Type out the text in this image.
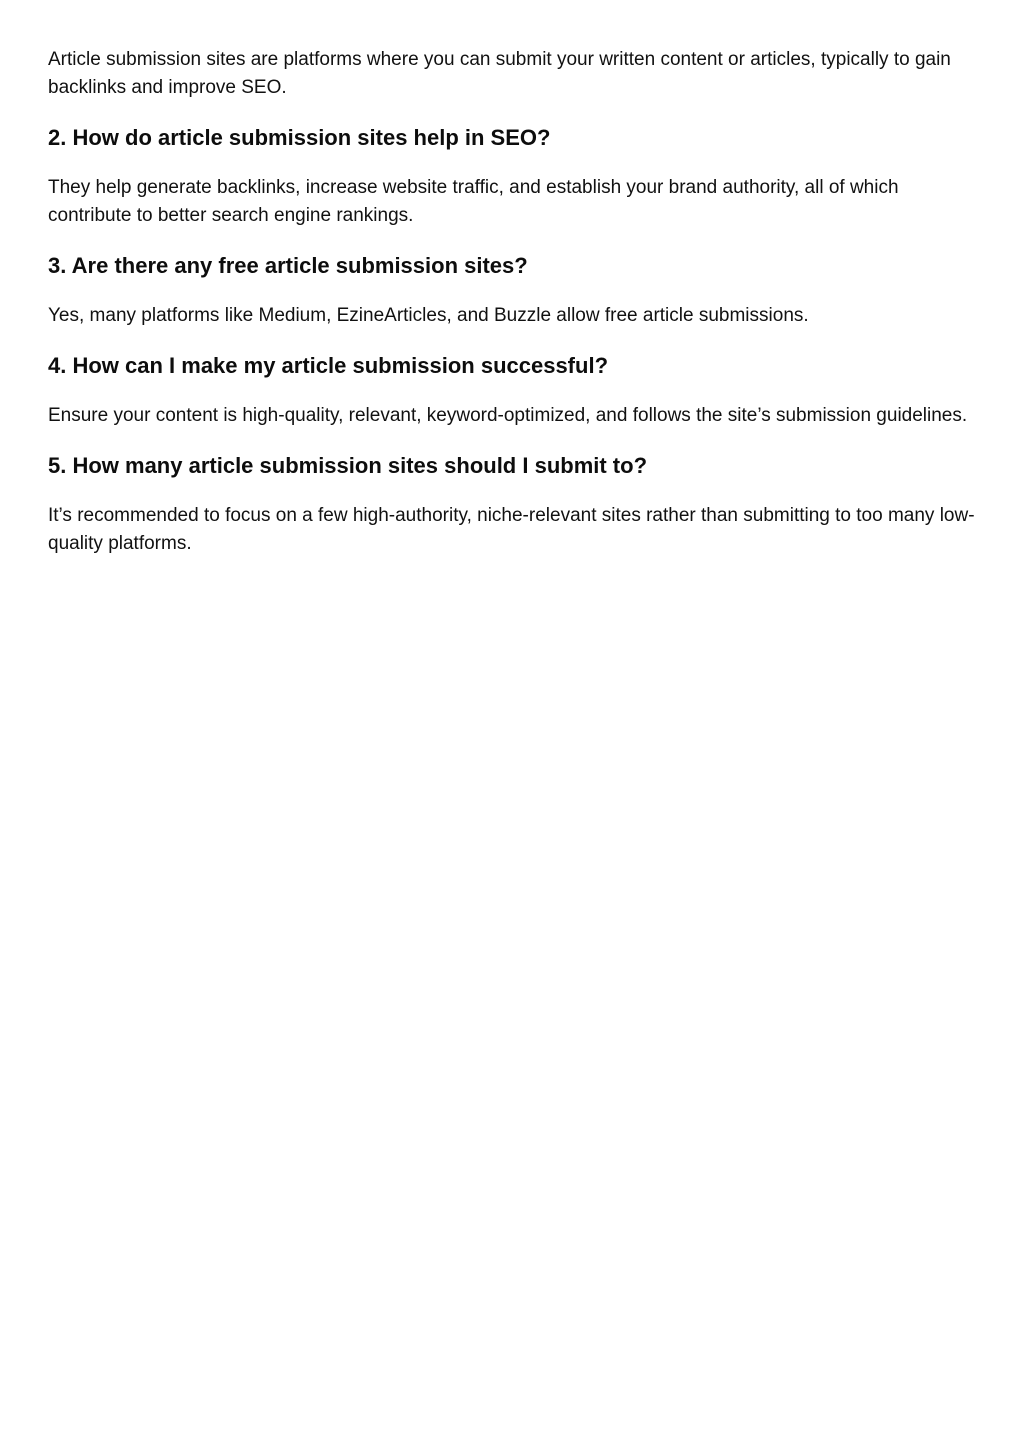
Article submission sites are platforms where you can submit your written content or articles, typically to gain backlinks and improve SEO.

2. How do article submission sites help in SEO?

They help generate backlinks, increase website traffic, and establish your brand authority, all of which contribute to better search engine rankings.

3. Are there any free article submission sites?

Yes, many platforms like Medium, EzineArticles, and Buzzle allow free article submissions.

4. How can I make my article submission successful?

Ensure your content is high-quality, relevant, keyword-optimized, and follows the site’s submission guidelines.

5. How many article submission sites should I submit to?

It’s recommended to focus on a few high-authority, niche-relevant sites rather than submitting to too many low-quality platforms.
